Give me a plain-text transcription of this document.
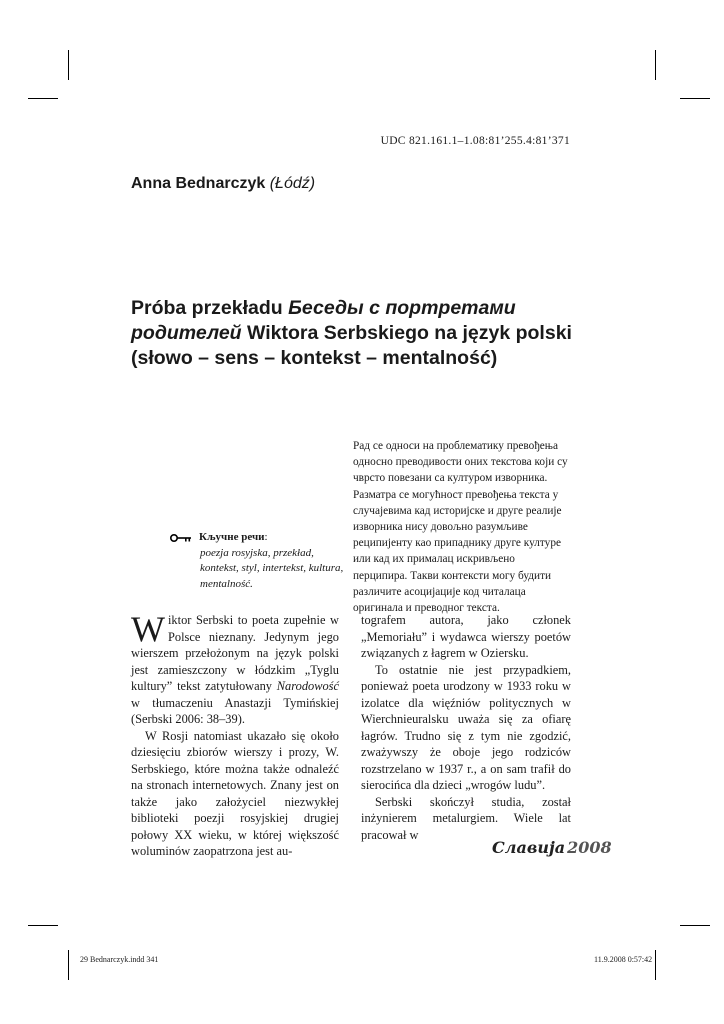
UDC 821.161.1–1.08:81’255.4:81’371
Anna Bednarczyk (Łódź)
Próba przekładu Беседы с портретами родителей Wiktora Serbskiego na język polski (słowo – sens – kontekst – mentalność)

Рад се односи на проблематику превођења односно преводивости оних текстова који су чврсто повезани са културом изворника. Разматра се могућност превођења текста у случајевима кад историјске и друге реалије изворника нису довољно разумљиве реципијенту као припаднику друге културе или кад их прималац искривљено перципира. Такви контексти могу будити различите асоцијације код читалаца оригинала и преводног текста.

Кључне речи:

poezja rosyjska, przekład, kontekst, styl, intertekst, kultura, mentalność.

Wiktor Serbski to poeta zupełnie w Polsce nieznany. Jedynym jego wierszem przełożonym na język polski jest zamieszczony w łódzkim „Tyglu kultury” tekst zatytułowany Narodowość w tłumaczeniu Anastazji Tymińskiej (Serbski 2006: 38–39).

W Rosji natomiast ukazało się około dziesięciu zbiorów wierszy i prozy, W. Serbskiego, które można także odnaleźć na stronach internetowych. Znany jest on także jako założyciel niezwykłej biblioteki poezji rosyjskiej drugiej połowy XX wieku, w której większość woluminów zaopatrzona jest au-

tografem autora, jako członek „Memoriału” i wydawca wierszy poetów związanych z łagrem w Oziersku.

To ostatnie nie jest przypadkiem, ponieważ poeta urodzony w 1933 roku w izolatce dla więźniów politycznych w Wierchnieuralsku uważa się za ofiarę łagrów. Trudno się z tym nie zgodzić, zważywszy że oboje jego rodziców rozstrzelano w 1937 r., a on sam trafił do sierocińca dla dzieci „wrogów ludu”.

Serbski skończył studia, został inżynierem metalurgiem. Wiele lat pracował w

Славија 2008
29 Bednarczyk.indd 341	11.9.2008 0:57:42
